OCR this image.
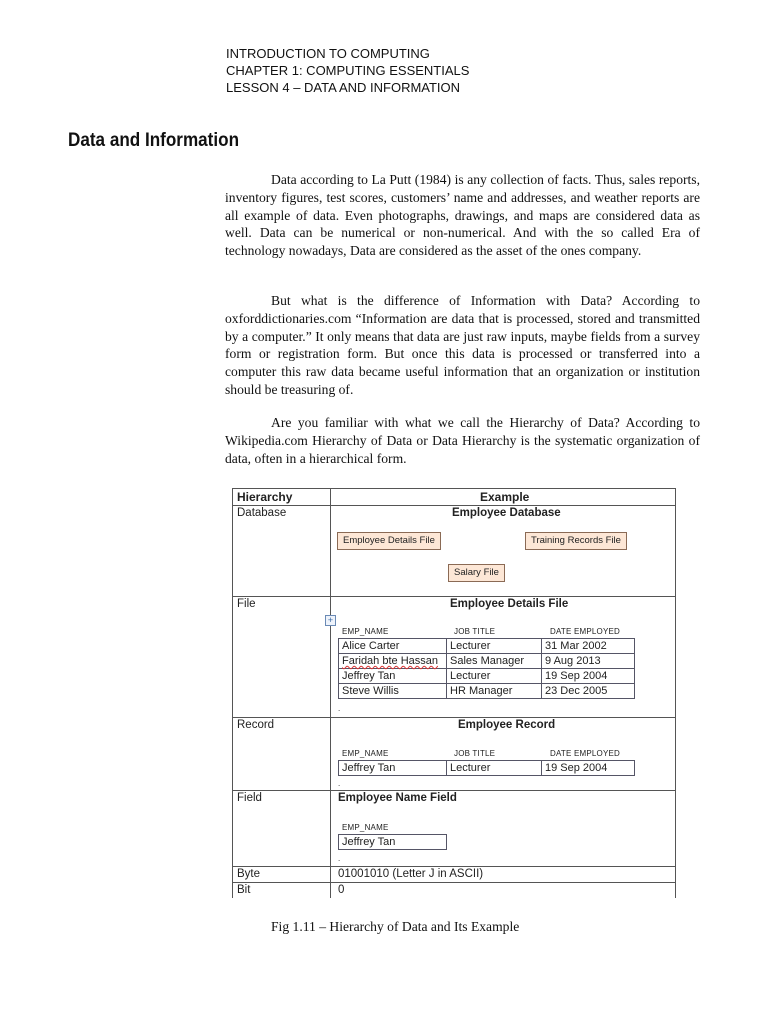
INTRODUCTION TO COMPUTING
CHAPTER 1: COMPUTING ESSENTIALS
LESSON 4 – DATA AND INFORMATION
Data and Information

Data according to La Putt (1984) is any collection of facts. Thus, sales reports, inventory figures, test scores, customers’ name and addresses, and weather reports are all example of data. Even photographs, drawings, and maps are considered data as well. Data can be numerical or non-numerical. And with the so called Era of technology nowadays, Data are considered as the asset of the ones company.

But what is the difference of Information with Data? According to oxforddictionaries.com “Information are data that is processed, stored and transmitted by a computer.” It only means that data are just raw inputs, maybe fields from a survey form or registration form. But once this data is processed or transferred into a computer this raw data became useful information that an organization or institution should be treasuring of.

Are you familiar with what we call the Hierarchy of Data? According to Wikipedia.com Hierarchy of Data or Data Hierarchy is the systematic organization of data, often in a hierarchical form.

Hierarchy	Example
Database	Employee Database
Employee Details File	Training Records File
Salary File
File	Employee Details File
+
EMP_NAME	JOB TITLE	DATE EMPLOYED
Alice Carter	Lecturer	31 Mar 2002
Faridah bte Hassan	Sales Manager	9 Aug 2013
Jeffrey Tan	Lecturer	19 Sep 2004
Steve Willis	HR Manager	23 Dec 2005
.
Record	Employee Record
EMP_NAME	JOB TITLE	DATE EMPLOYED
Jeffrey Tan	Lecturer	19 Sep 2004
.
Field	Employee Name Field
EMP_NAME
Jeffrey Tan
.
Byte	01001010 (Letter J in ASCII)
Bit	0
Fig 1.11 – Hierarchy of Data and Its Example
